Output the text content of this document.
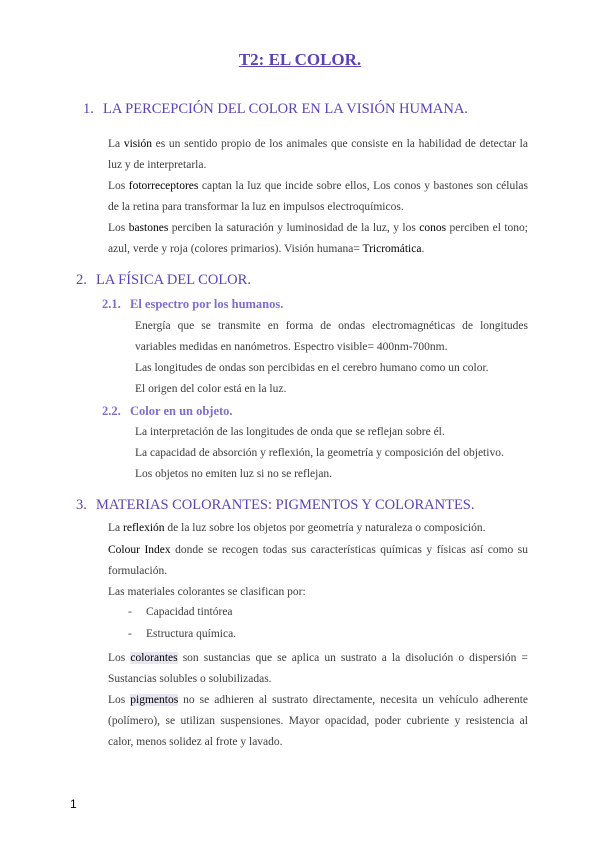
T2: EL COLOR.
1. LA PERCEPCIÓN DEL COLOR EN LA VISIÓN HUMANA.
La visión es un sentido propio de los animales que consiste en la habilidad de detectar la luz y de interpretarla.
Los fotorreceptores captan la luz que incide sobre ellos, Los conos y bastones son células de la retina para transformar la luz en impulsos electroquímicos.
Los bastones perciben la saturación y luminosidad de la luz, y los conos perciben el tono; azul, verde y roja (colores primarios). Visión humana= Tricromática.
2. LA FÍSICA DEL COLOR.
2.1. El espectro por los humanos.
Energía que se transmite en forma de ondas electromagnéticas de longitudes variables medidas en nanómetros. Espectro visible= 400nm-700nm.
Las longitudes de ondas son percibidas en el cerebro humano como un color.
El origen del color está en la luz.
2.2. Color en un objeto.
La interpretación de las longitudes de onda que se reflejan sobre él.
La capacidad de absorción y reflexión, la geometría y composición del objetivo.
Los objetos no emiten luz si no se reflejan.
3. MATERIAS COLORANTES: PIGMENTOS Y COLORANTES.
La reflexión de la luz sobre los objetos por geometría y naturaleza o composición.
Colour Index donde se recogen todas sus características químicas y físicas así como su formulación.
Las materiales colorantes se clasifican por:
- Capacidad tintórea
- Estructura química.
Los colorantes son sustancias que se aplica un sustrato a la disolución o dispersión = Sustancias solubles o solubilizadas.
Los pigmentos no se adhieren al sustrato directamente, necesita un vehículo adherente (polímero), se utilizan suspensiones. Mayor opacidad, poder cubriente y resistencia al calor, menos solidez al frote y lavado.
1
